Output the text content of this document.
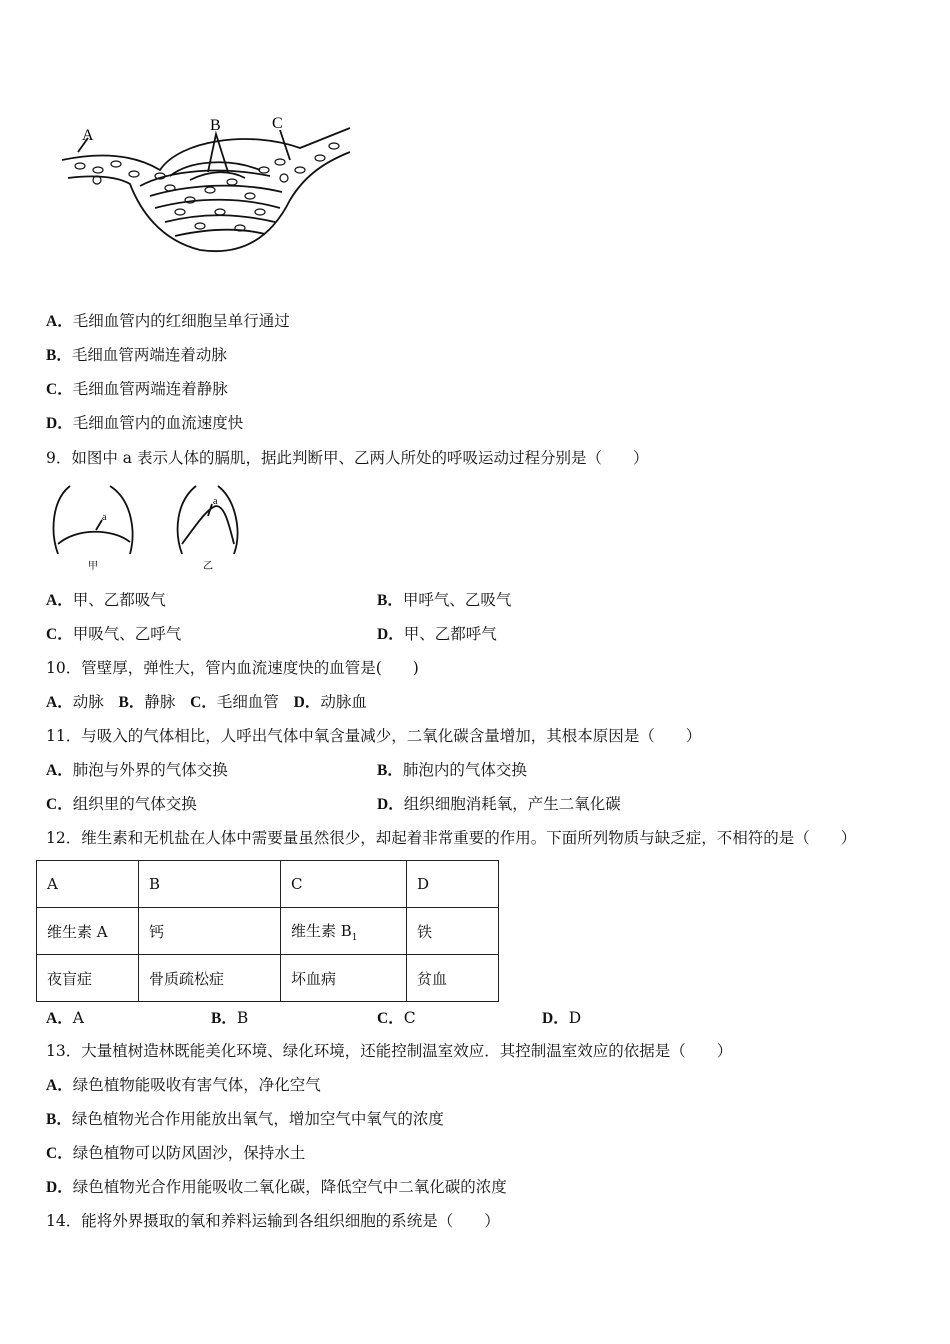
A
B	C
A．毛细血管内的红细胞呈单行通过
B．毛细血管两端连着动脉
C．毛细血管两端连着静脉
D．毛细血管内的血流速度快
9．如图中 a 表示人体的膈肌，据此判断甲、乙两人所处的呼吸运动过程分别是（　　）
a
a
甲	乙
A．甲、乙都吸气	B．甲呼气、乙吸气
C．甲吸气、乙呼气	D．甲、乙都呼气
10．管壁厚，弹性大，管内血流速度快的血管是(　　)
A．动脉 B．静脉 C．毛细血管 D．动脉血
11．与吸入的气体相比，人呼出气体中氧含量减少，二氧化碳含量增加，其根本原因是（　　）
A．肺泡与外界的气体交换	B．肺泡内的气体交换
C．组织里的气体交换	D．组织细胞消耗氧，产生二氧化碳
12．维生素和无机盐在人体中需要量虽然很少，却起着非常重要的作用。下面所列物质与缺乏症，不相符的是（　　）
A	B	C	D
维生素 A	钙	维生素 $B_1$	铁
夜盲症	骨质疏松症	坏血病	贫血
A．A	B．B	C．C	D．D
13．大量植树造林既能美化环境、绿化环境，还能控制温室效应．其控制温室效应的依据是（　　）
A．绿色植物能吸收有害气体，净化空气
B．绿色植物光合作用能放出氧气，增加空气中氧气的浓度
C．绿色植物可以防风固沙，保持水土
D．绿色植物光合作用能吸收二氧化碳，降低空气中二氧化碳的浓度
14．能将外界摄取的氧和养料运输到各组织细胞的系统是（　　）
